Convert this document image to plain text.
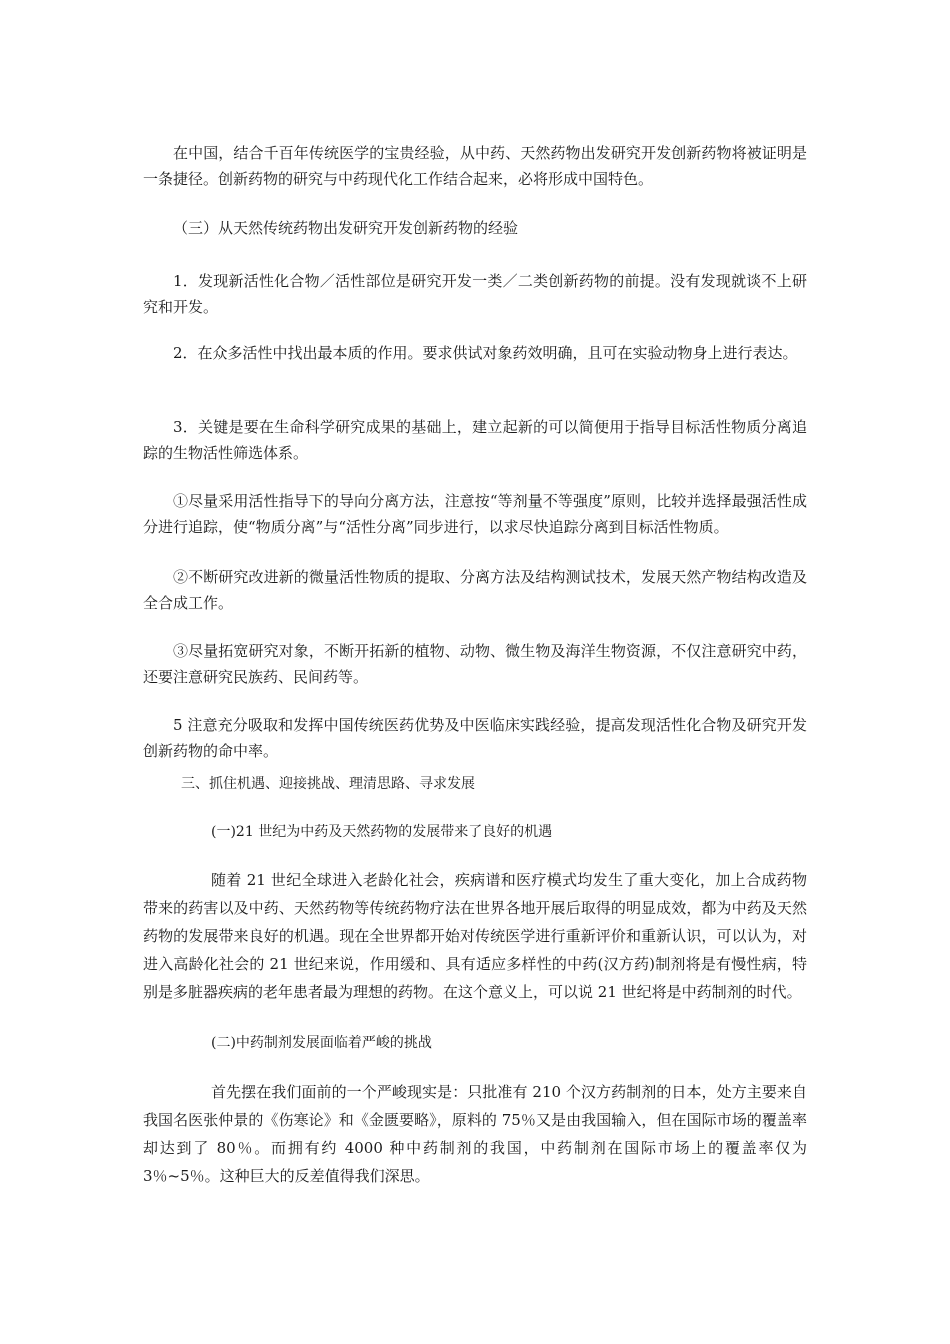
在中国，结合千百年传统医学的宝贵经验，从中药、天然药物出发研究开发创新药物将被证明是一条捷径。创新药物的研究与中药现代化工作结合起来，必将形成中国特色。

（三）从天然传统药物出发研究开发创新药物的经验

1．发现新活性化合物／活性部位是研究开发一类／二类创新药物的前提。没有发现就谈不上研究和开发。

2．在众多活性中找出最本质的作用。要求供试对象药效明确，且可在实验动物身上进行表达。

3．关键是要在生命科学研究成果的基础上，建立起新的可以简便用于指导目标活性物质分离追踪的生物活性筛选体系。

①尽量采用活性指导下的导向分离方法，注意按“等剂量不等强度”原则，比较并选择最强活性成分进行追踪，使“物质分离”与“活性分离”同步进行，以求尽快追踪分离到目标活性物质。

②不断研究改进新的微量活性物质的提取、分离方法及结构测试技术，发展天然产物结构改造及全合成工作。

③尽量拓宽研究对象，不断开拓新的植物、动物、微生物及海洋生物资源，不仅注意研究中药，还要注意研究民族药、民间药等。

5 注意充分吸取和发挥中国传统医药优势及中医临床实践经验，提高发现活性化合物及研究开发创新药物的命中率。

三、抓住机遇、迎接挑战、理清思路、寻求发展

(一)21 世纪为中药及天然药物的发展带来了良好的机遇

随着 21 世纪全球进入老龄化社会，疾病谱和医疗模式均发生了重大变化，加上合成药物带来的药害以及中药、天然药物等传统药物疗法在世界各地开展后取得的明显成效，都为中药及天然药物的发展带来良好的机遇。现在全世界都开始对传统医学进行重新评价和重新认识，可以认为，对进入高龄化社会的 21 世纪来说，作用缓和、具有适应多样性的中药(汉方药)制剂将是有慢性病，特别是多脏器疾病的老年患者最为理想的药物。在这个意义上，可以说 21 世纪将是中药制剂的时代。

(二)中药制剂发展面临着严峻的挑战

首先摆在我们面前的一个严峻现实是：只批准有 210 个汉方药制剂的日本，处方主要来自我国名医张仲景的《伤寒论》和《金匮要略》，原料的 75％又是由我国输入，但在国际市场的覆盖率却达到了 80％。而拥有约 4000 种中药制剂的我国，中药制剂在国际市场上的覆盖率仅为 3％~5％。这种巨大的反差值得我们深思。
